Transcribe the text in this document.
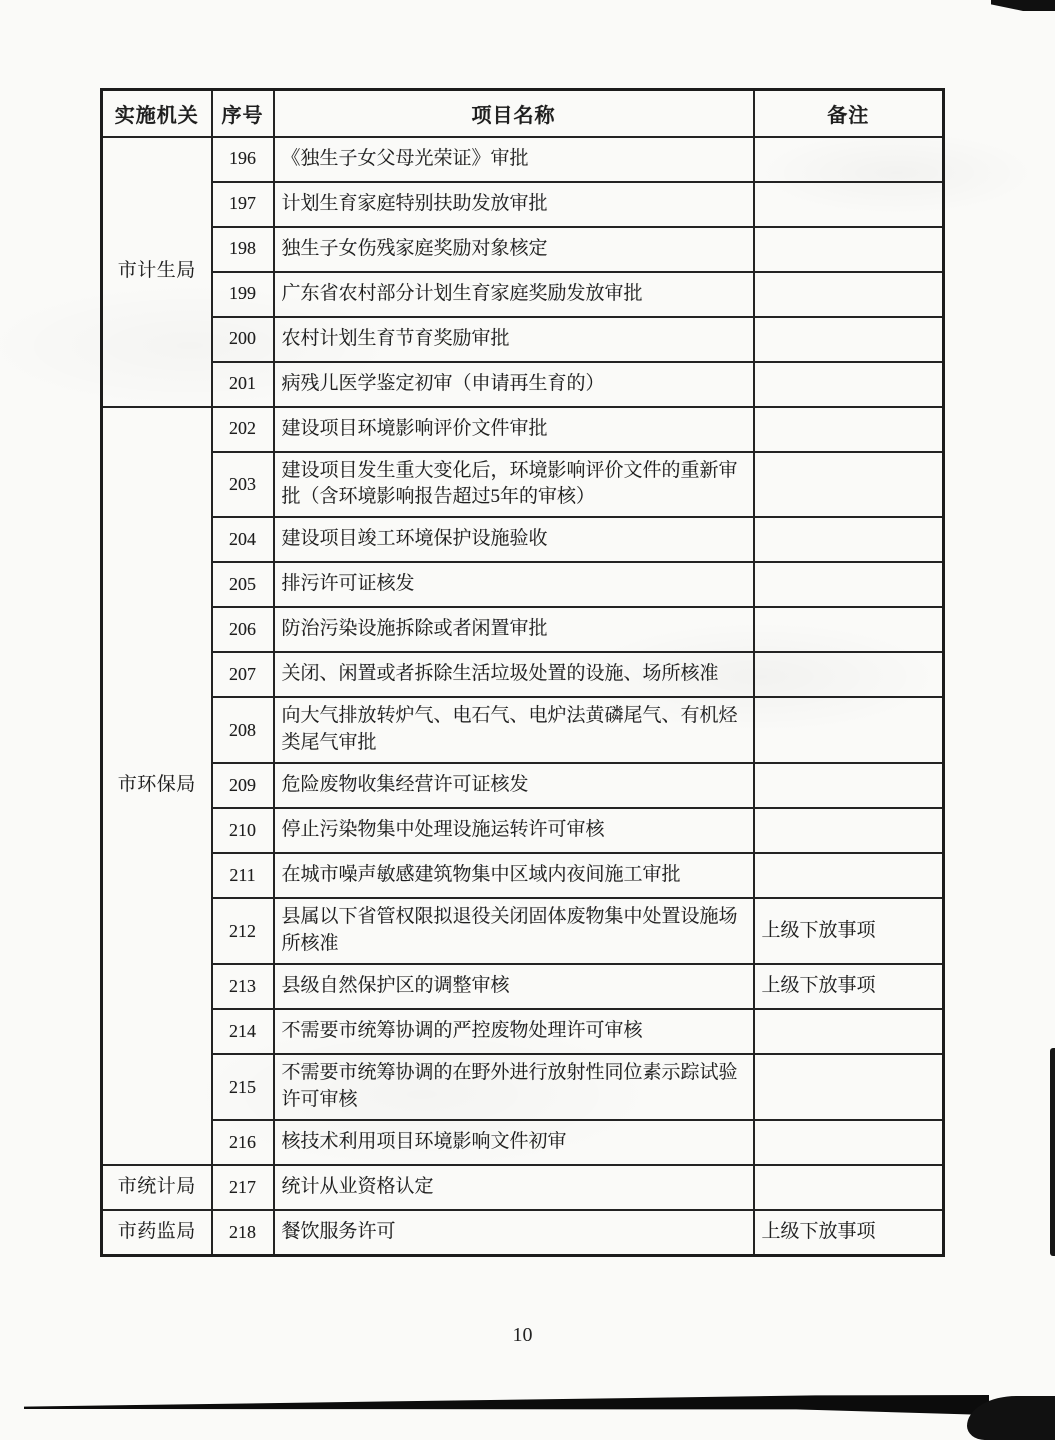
实施机关	序号	项目名称	备注
市计生局	196	《独生子女父母光荣证》审批	
	197	计划生育家庭特别扶助发放审批	
	198	独生子女伤残家庭奖励对象核定	
	199	广东省农村部分计划生育家庭奖励发放审批	
	200	农村计划生育节育奖励审批	
	201	病残儿医学鉴定初审（申请再生育的）	
市环保局	202	建设项目环境影响评价文件审批	
	203	建设项目发生重大变化后，环境影响评价文件的重新审批（含环境影响报告超过5年的审核）	
	204	建设项目竣工环境保护设施验收	
	205	排污许可证核发	
	206	防治污染设施拆除或者闲置审批	
	207	关闭、闲置或者拆除生活垃圾处置的设施、场所核准	
	208	向大气排放转炉气、电石气、电炉法黄磷尾气、有机烃类尾气审批	
	209	危险废物收集经营许可证核发	
	210	停止污染物集中处理设施运转许可审核	
	211	在城市噪声敏感建筑物集中区域内夜间施工审批	
	212	县属以下省管权限拟退役关闭固体废物集中处置设施场所核准	上级下放事项
	213	县级自然保护区的调整审核	上级下放事项
	214	不需要市统筹协调的严控废物处理许可审核	
	215	不需要市统筹协调的在野外进行放射性同位素示踪试验许可审核	
	216	核技术利用项目环境影响文件初审	
市统计局	217	统计从业资格认定	
市药监局	218	餐饮服务许可	上级下放事项
10
